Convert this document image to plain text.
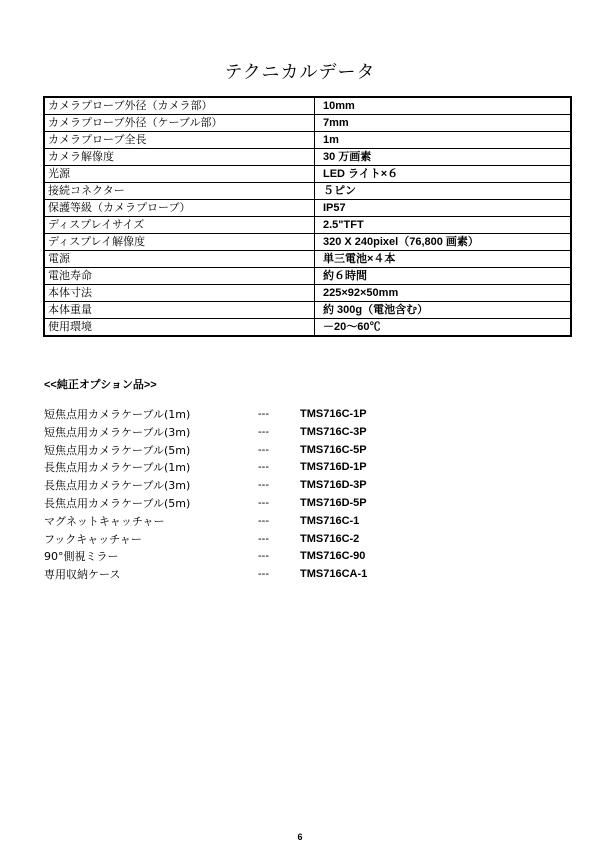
テクニカルデータ
カメラプローブ外径（カメラ部）	10mm
カメラプローブ外径（ケーブル部）	7mm
カメラプローブ全長	1m
カメラ解像度	30 万画素
光源	LED ライト×６
接続コネクター	５ピン
保護等級（カメラプローブ）	IP57
ディスプレイサイズ	2.5"TFT
ディスプレイ解像度	320 X 240pixel（76,800 画素）
電源	単三電池×４本
電池寿命	約６時間
本体寸法	225×92×50mm
本体重量	約 300g（電池含む）
使用環境	－20～60℃
<<純正オプション品>>
短焦点用カメラケーブル(1m)	---	TMS716C-1P
短焦点用カメラケーブル(3m)	---	TMS716C-3P
短焦点用カメラケーブル(5m)	---	TMS716C-5P
長焦点用カメラケーブル(1m)	---	TMS716D-1P
長焦点用カメラケーブル(3m)	---	TMS716D-3P
長焦点用カメラケーブル(5m)	---	TMS716D-5P
マグネットキャッチャー	---	TMS716C-1
フックキャッチャー	---	TMS716C-2
90°側視ミラー	---	TMS716C-90
専用収納ケース	---	TMS716CA-1
6
